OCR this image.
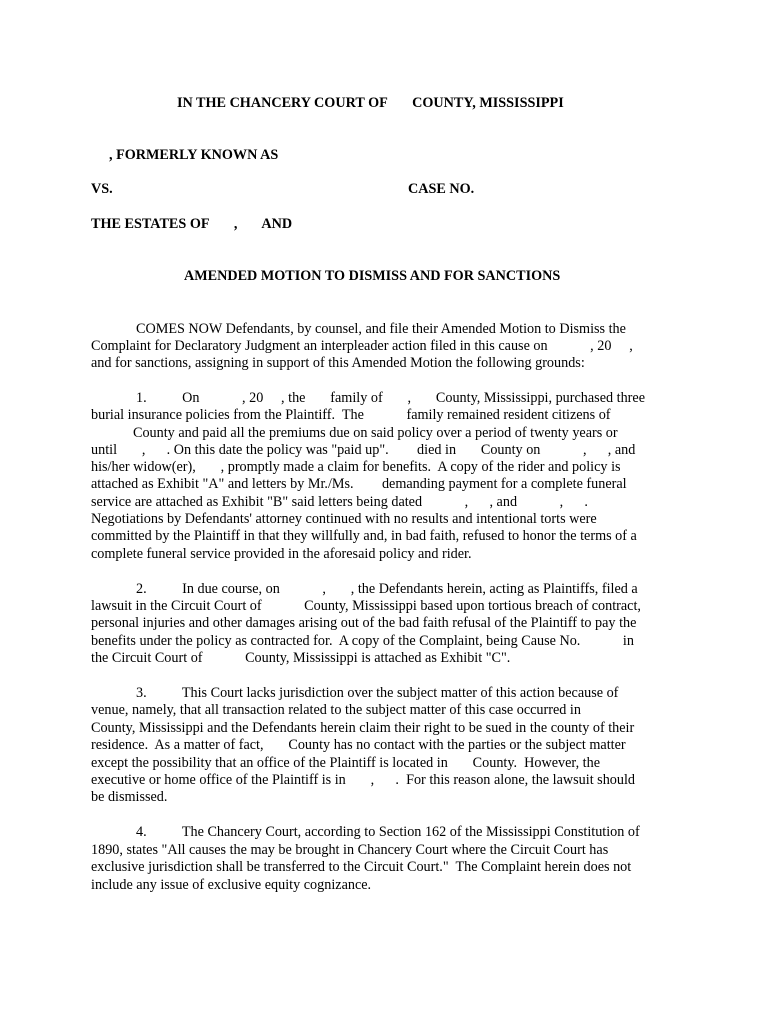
IN THE CHANCERY COURT OF       COUNTY, MISSISSIPPI
, FORMERLY KNOWN AS
VS.	CASE NO.
THE ESTATES OF       ,       AND
AMENDED MOTION TO DISMISS AND FOR SANCTIONS
COMES NOW Defendants, by counsel, and file their Amended Motion to Dismiss the
Complaint for Declaratory Judgment an interpleader action filed in this cause on            , 20     ,
and for sanctions, assigning in support of this Amended Motion the following grounds:
1.          On            , 20     , the       family of       ,       County, Mississippi, purchased three
burial insurance policies from the Plaintiff.  The            family remained resident citizens of
County and paid all the premiums due on said policy over a period of twenty years or
until       ,      . On this date the policy was "paid up".        died in       County on            ,      , and
his/her widow(er),       , promptly made a claim for benefits.  A copy of the rider and policy is
attached as Exhibit "A" and letters by Mr./Ms.        demanding payment for a complete funeral
service are attached as Exhibit "B" said letters being dated            ,      , and            ,      .
Negotiations by Defendants' attorney continued with no results and intentional torts were
committed by the Plaintiff in that they willfully and, in bad faith, refused to honor the terms of a
complete funeral service provided in the aforesaid policy and rider.
2.          In due course, on            ,       , the Defendants herein, acting as Plaintiffs, filed a
lawsuit in the Circuit Court of            County, Mississippi based upon tortious breach of contract,
personal injuries and other damages arising out of the bad faith refusal of the Plaintiff to pay the
benefits under the policy as contracted for.  A copy of the Complaint, being Cause No.            in
the Circuit Court of            County, Mississippi is attached as Exhibit "C".
3.          This Court lacks jurisdiction over the subject matter of this action because of
venue, namely, that all transaction related to the subject matter of this case occurred in
County, Mississippi and the Defendants herein claim their right to be sued in the county of their
residence.  As a matter of fact,       County has no contact with the parties or the subject matter
except the possibility that an office of the Plaintiff is located in       County.  However, the
executive or home office of the Plaintiff is in       ,      .  For this reason alone, the lawsuit should
be dismissed.
4.          The Chancery Court, according to Section 162 of the Mississippi Constitution of
1890, states "All causes the may be brought in Chancery Court where the Circuit Court has
exclusive jurisdiction shall be transferred to the Circuit Court."  The Complaint herein does not
include any issue of exclusive equity cognizance.
